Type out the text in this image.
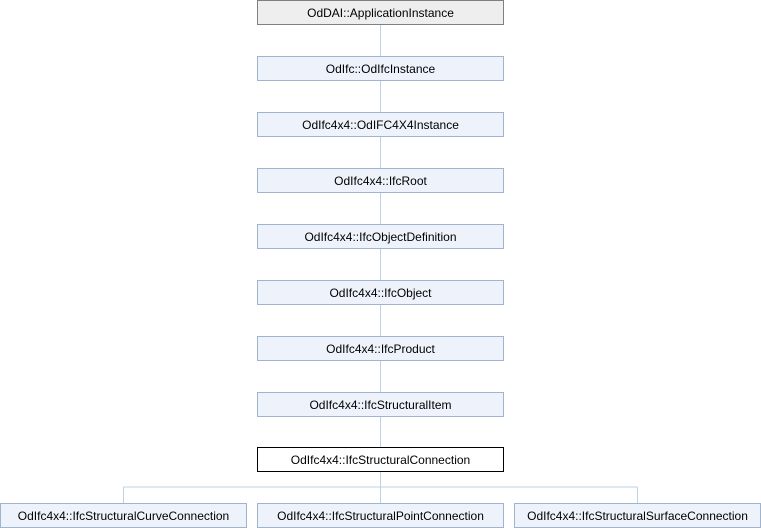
OdDAI::ApplicationInstance
OdIfc::OdIfcInstance
OdIfc4x4::OdIFC4X4Instance
OdIfc4x4::IfcRoot
OdIfc4x4::IfcObjectDefinition
OdIfc4x4::IfcObject
OdIfc4x4::IfcProduct
OdIfc4x4::IfcStructuralItem
OdIfc4x4::IfcStructuralConnection
OdIfc4x4::IfcStructuralCurveConnection	OdIfc4x4::IfcStructuralPointConnection	OdIfc4x4::IfcStructuralSurfaceConnection
